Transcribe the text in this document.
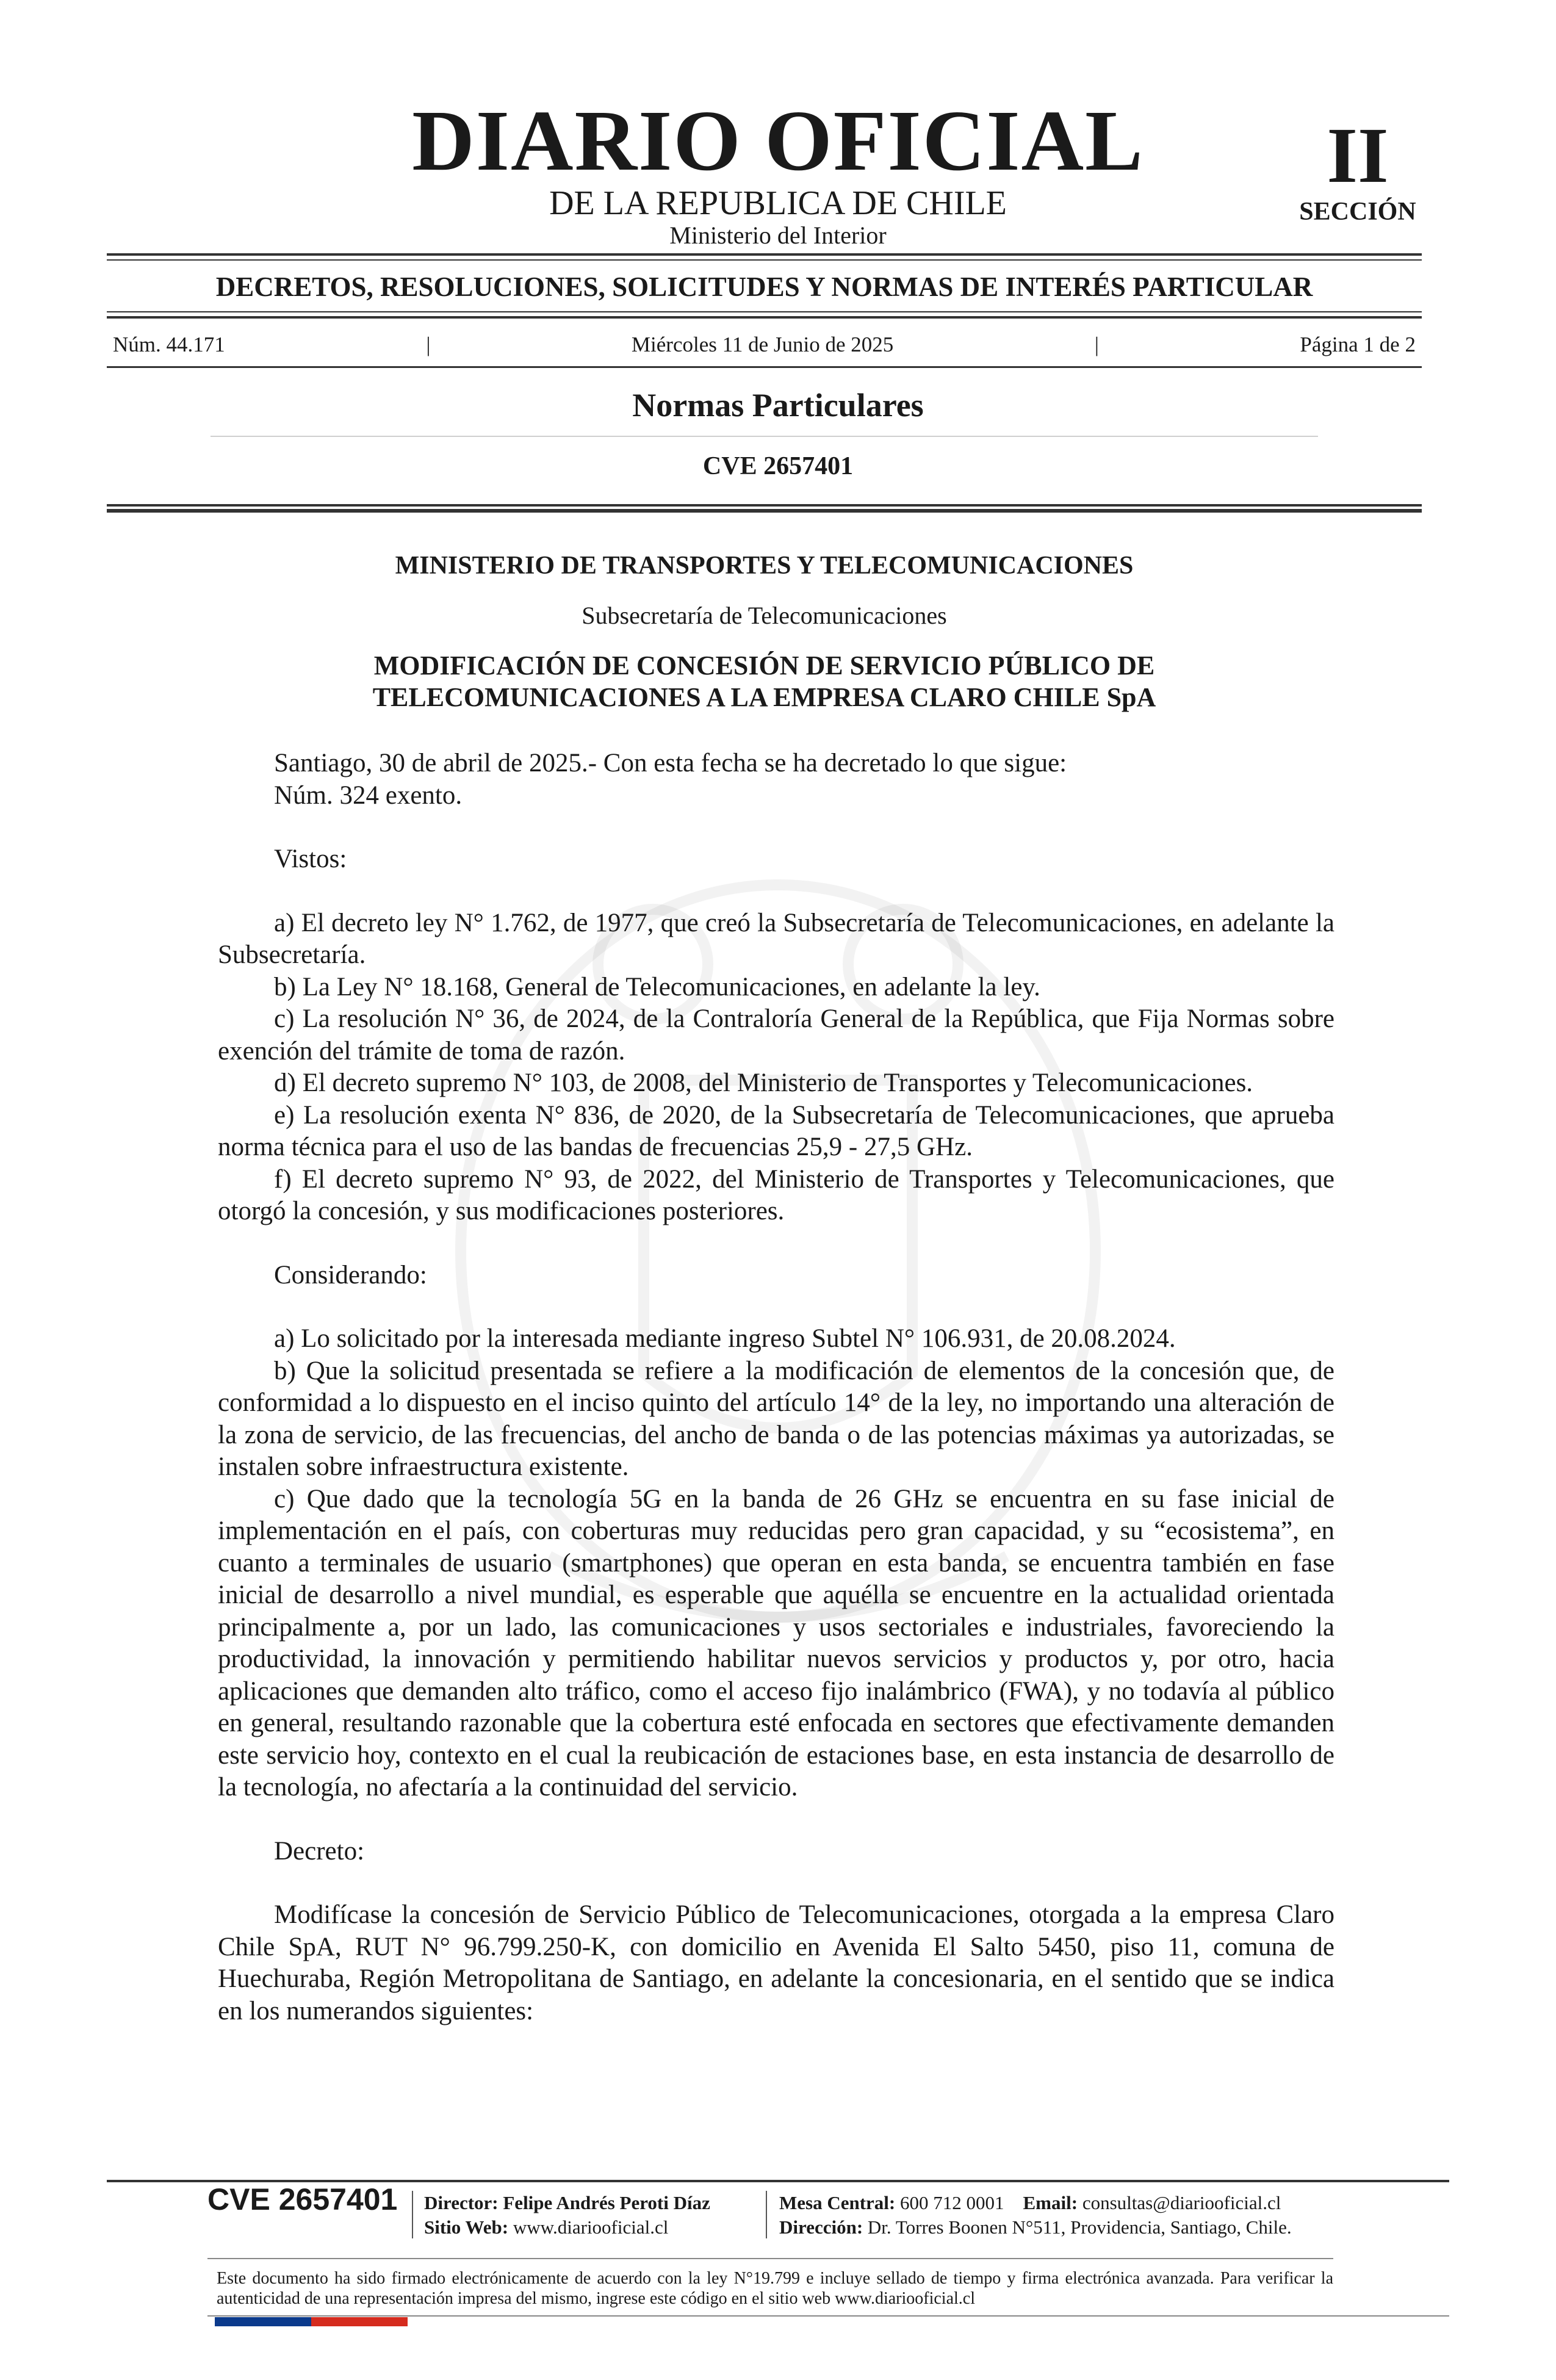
DIARIO OFICIAL
DE LA REPUBLICA DE CHILE
Ministerio del Interior
II
SECCIÓN
DECRETOS, RESOLUCIONES, SOLICITUDES Y NORMAS DE INTERÉS PARTICULAR
Núm. 44.171	|	Miércoles 11 de Junio de 2025	|	Página 1 de 2
Normas Particulares
CVE 2657401
MINISTERIO DE TRANSPORTES Y TELECOMUNICACIONES
Subsecretaría de Telecomunicaciones
MODIFICACIÓN DE CONCESIÓN DE SERVICIO PÚBLICO DE
TELECOMUNICACIONES A LA EMPRESA CLARO CHILE SpA

Santiago, 30 de abril de 2025.- Con esta fecha se ha decretado lo que sigue:

Núm. 324 exento.

Vistos:

a) El decreto ley N° 1.762, de 1977, que creó la Subsecretaría de Telecomunicaciones, en adelante la Subsecretaría.

b) La Ley N° 18.168, General de Telecomunicaciones, en adelante la ley.

c) La resolución N° 36, de 2024, de la Contraloría General de la República, que Fija Normas sobre exención del trámite de toma de razón.

d) El decreto supremo N° 103, de 2008, del Ministerio de Transportes y Telecomunicaciones.

e) La resolución exenta N° 836, de 2020, de la Subsecretaría de Telecomunicaciones, que aprueba norma técnica para el uso de las bandas de frecuencias 25,9 - 27,5 GHz.

f) El decreto supremo N° 93, de 2022, del Ministerio de Transportes y Telecomunicaciones, que otorgó la concesión, y sus modificaciones posteriores.

Considerando:

a) Lo solicitado por la interesada mediante ingreso Subtel N° 106.931, de 20.08.2024.

b) Que la solicitud presentada se refiere a la modificación de elementos de la concesión que, de conformidad a lo dispuesto en el inciso quinto del artículo 14° de la ley, no importando una alteración de la zona de servicio, de las frecuencias, del ancho de banda o de las potencias máximas ya autorizadas, se instalen sobre infraestructura existente.

c) Que dado que la tecnología 5G en la banda de 26 GHz se encuentra en su fase inicial de implementación en el país, con coberturas muy reducidas pero gran capacidad, y su “ecosistema”, en cuanto a terminales de usuario (smartphones) que operan en esta banda, se encuentra también en fase inicial de desarrollo a nivel mundial, es esperable que aquélla se encuentre en la actualidad orientada principalmente a, por un lado, las comunicaciones y usos sectoriales e industriales, favoreciendo la productividad, la innovación y permitiendo habilitar nuevos servicios y productos y, por otro, hacia aplicaciones que demanden alto tráfico, como el acceso fijo inalámbrico (FWA), y no todavía al público en general, resultando razonable que la cobertura esté enfocada en sectores que efectivamente demanden este servicio hoy, contexto en el cual la reubicación de estaciones base, en esta instancia de desarrollo de la tecnología, no afectaría a la continuidad del servicio.

Decreto:

Modifícase la concesión de Servicio Público de Telecomunicaciones, otorgada a la empresa Claro Chile SpA, RUT N° 96.799.250-K, con domicilio en Avenida El Salto 5450, piso 11, comuna de Huechuraba, Región Metropolitana de Santiago, en adelante la concesionaria, en el sentido que se indica en los numerandos siguientes:

CVE 2657401 Director: Felipe Andrés Peroti Díaz
Sitio Web: www.diariooficial.cl
Mesa Central: 600 712 0001 Email: consultas@diariooficial.cl
Dirección: Dr. Torres Boonen N°511, Providencia, Santiago, Chile.
Este documento ha sido firmado electrónicamente de acuerdo con la ley N°19.799 e incluye sellado de tiempo y firma electrónica avanzada. Para verificar la autenticidad de una representación impresa del mismo, ingrese este código en el sitio web www.diariooficial.cl
